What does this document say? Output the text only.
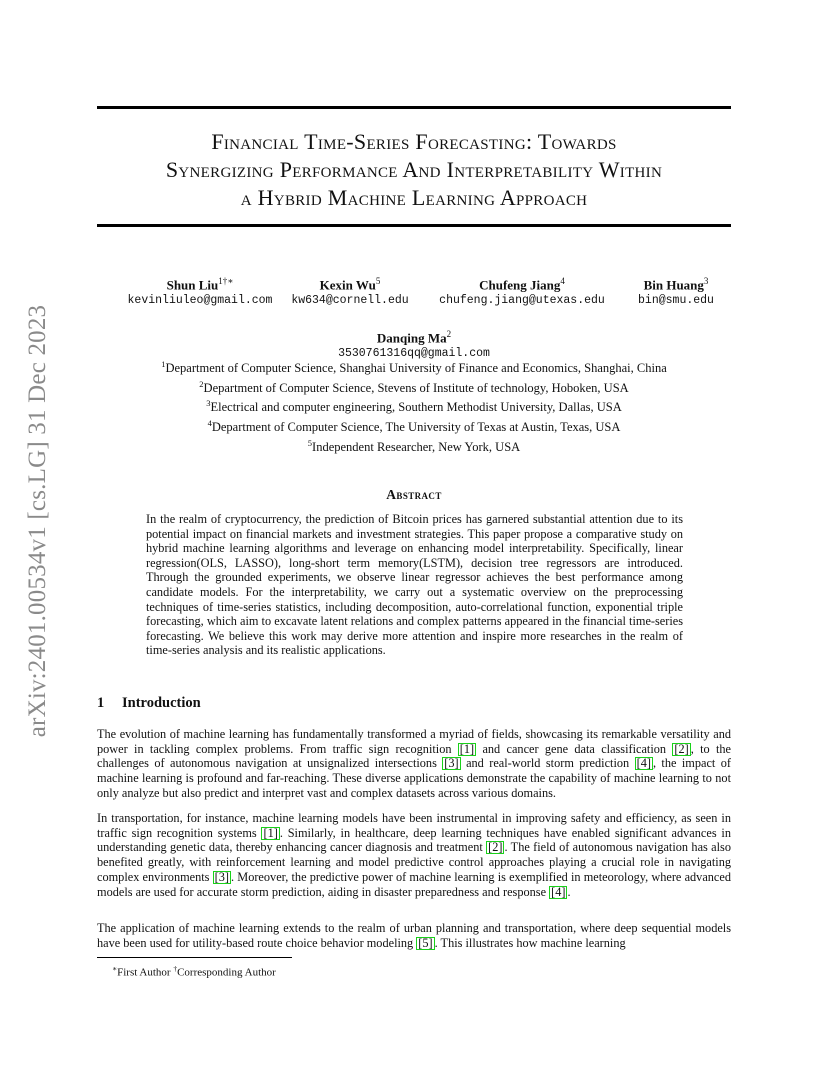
arXiv:2401.00534v1 [cs.LG] 31 Dec 2023
Financial Time-Series Forecasting: Towards
Synergizing Performance And Interpretability Within
a Hybrid Machine Learning Approach
Shun Liu$^{1\dagger∗}$
kevinliuleo@gmail.com
Kexin Wu$^5$
kw634@cornell.edu
Chufeng Jiang$^4$
chufeng.jiang@utexas.edu
Bin Huang$^3$
bin@smu.edu
Danqing Ma$^2$
3530761316qq@gmail.com
$^1$Department of Computer Science, Shanghai University of Finance and Economics, Shanghai, China
$^2$Department of Computer Science, Stevens of Institute of technology, Hoboken, USA
$^3$Electrical and computer engineering, Southern Methodist University, Dallas, USA
$^4$Department of Computer Science, The University of Texas at Austin, Texas, USA
$^5$Independent Researcher, New York, USA
Abstract

In the realm of cryptocurrency, the prediction of Bitcoin prices has garnered substantial attention due to its potential impact on financial markets and investment strategies. This paper propose a comparative study on hybrid machine learning algorithms and leverage on enhancing model interpretability. Specifically, linear regression(OLS, LASSO), long-short term memory(LSTM), decision tree regressors are introduced. Through the grounded experiments, we observe linear regressor achieves the best performance among candidate models. For the interpretability, we carry out a systematic overview on the preprocessing techniques of time-series statistics, including decomposition, auto-correlational function, exponential triple forecasting, which aim to excavate latent relations and complex patterns appeared in the financial time-series forecasting. We believe this work may derive more attention and inspire more researches in the realm of time-series analysis and its realistic applications.

1 Introduction

The evolution of machine learning has fundamentally transformed a myriad of fields, showcasing its remarkable versatility and power in tackling complex problems. From traffic sign recognition [1] and cancer gene data classification [2] , to the challenges of autonomous navigation at unsignalized intersections [3] and real-world storm prediction [4] , the impact of machine learning is profound and far-reaching. These diverse applications demonstrate the capability of machine learning to not only analyze but also predict and interpret vast and complex datasets across various domains.

In transportation, for instance, machine learning models have been instrumental in improving safety and efficiency, as seen in traffic sign recognition systems [1] . Similarly, in healthcare, deep learning techniques have enabled significant advances in understanding genetic data, thereby enhancing cancer diagnosis and treatment [2] . The field of autonomous navigation has also benefited greatly, with reinforcement learning and model predictive control approaches playing a crucial role in navigating complex environments [3] . Moreover, the predictive power of machine learning is exemplified in meteorology, where advanced models are used for accurate storm prediction, aiding in disaster preparedness and response [4] .

The application of machine learning extends to the realm of urban planning and transportation, where deep sequential models have been used for utility-based route choice behavior modeling [5] . This illustrates how machine learning

∗First Author †Corresponding Author
